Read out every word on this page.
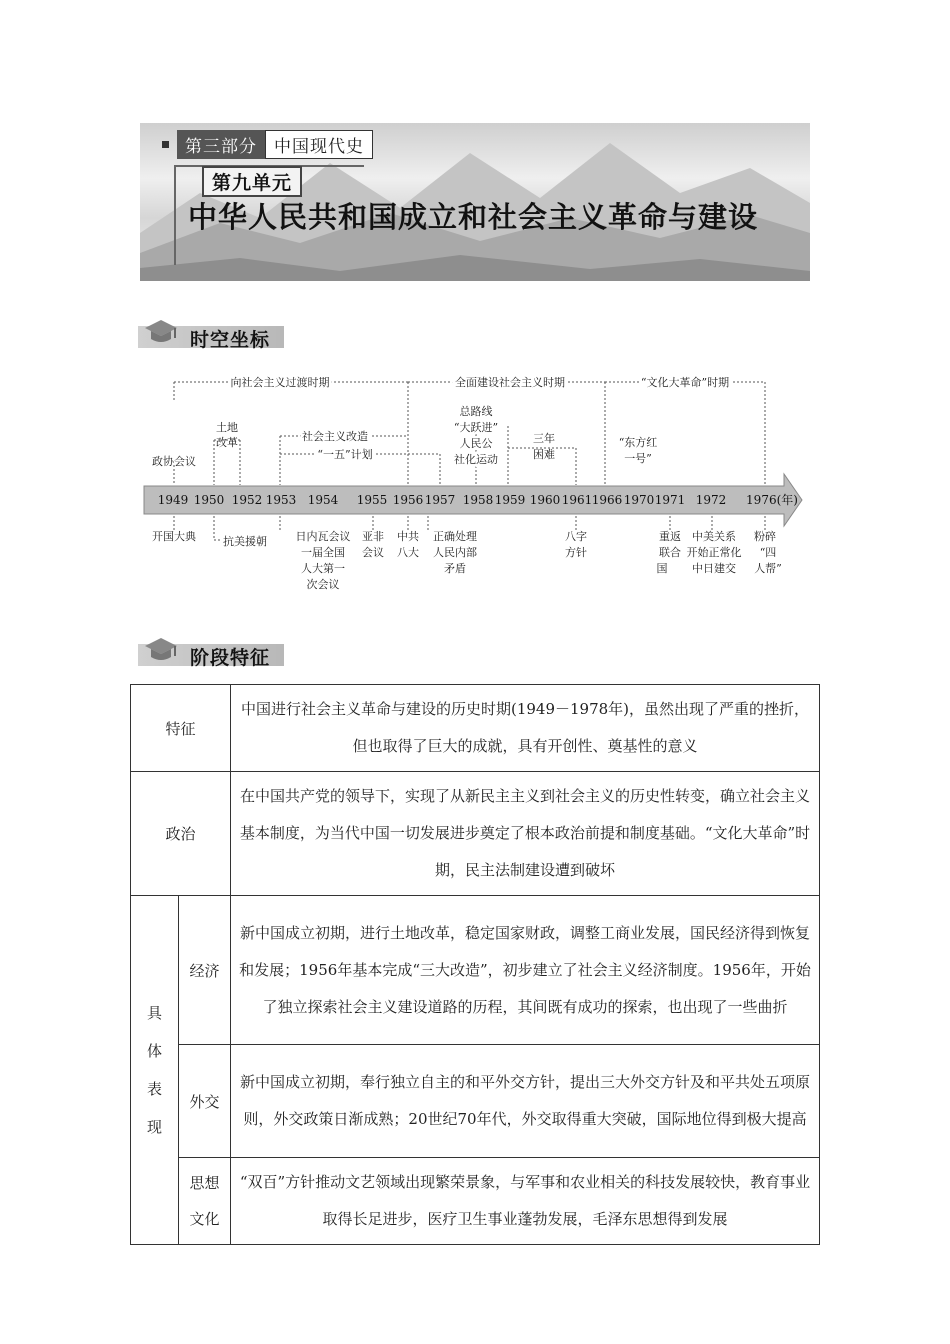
第三部分	中国现代史
第九单元
中华人民共和国成立和社会主义革命与建设
时空坐标
向社会主义过渡时期	全面建设社会主义时期	“文化大革命”时期
1949 1950 1952 1953 1954 1955 1956 1957 1958 1959 1960 1961 1966 1970 1971 1972 1976(年)
政协会议
土地
改革	社会主义改造
“一五”计划
总路线
“大跃进”
人民公
社化运动
三年
困难
“东方红
一号”
开国大典 抗美援朝	日内瓦会议
一届全国
人大第一
次会议
亚非
会议
中共
八大
正确处理
人民内部
矛盾
八字
方针
重返
联合
国
中美关系
开始正常化
中日建交
粉碎
“四
人帮”
阶段特征
特征		中国进行社会主义革命与建设的历史时期(1949－1978年)，虽然出现了严重的挫折，但也取得了巨大的成就，具有开创性、奠基性的意义
政治		在中国共产党的领导下，实现了从新民主主义到社会主义的历史性转变，确立社会主义基本制度，为当代中国一切发展进步奠定了根本政治前提和制度基础。“文化大革命”时期，民主法制建设遭到破坏

具
体
表
现	经济	新中国成立初期，进行土地改革，稳定国家财政，调整工商业发展，国民经济得到恢复和发展；1956年基本完成“三大改造”，初步建立了社会主义经济制度。1956年，开始了独立探索社会主义建设道路的历程，其间既有成功的探索，也出现了一些曲折
	外交	新中国成立初期，奉行独立自主的和平外交方针，提出三大外交方针及和平共处五项原则，外交政策日渐成熟；20世纪70年代，外交取得重大突破，国际地位得到极大提高

	思想
文化	“双百”方针推动文艺领域出现繁荣景象，与军事和农业相关的科技发展较快，教育事业取得长足进步，医疗卫生事业蓬勃发展，毛泽东思想得到发展
